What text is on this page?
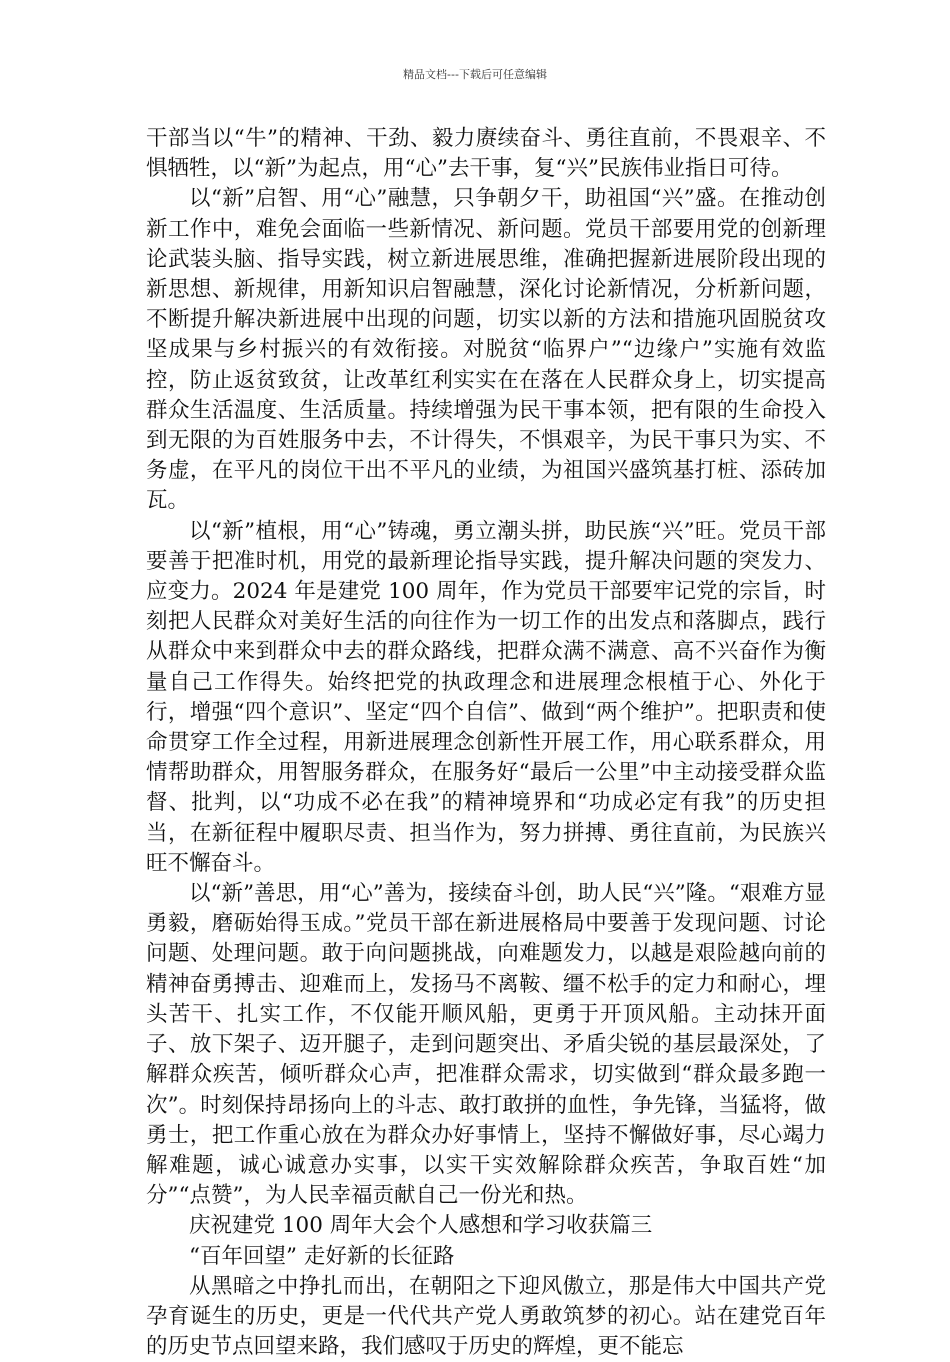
精品文档---下载后可任意编辑

干部当以“牛”的精神、干劲、毅力赓续奋斗、勇往直前，不畏艰辛、不惧牺牲，以“新”为起点，用“心”去干事，复“兴”民族伟业指日可待。

以“新”启智、用“心”融慧，只争朝夕干，助祖国“兴”盛。在推动创新工作中，难免会面临一些新情况、新问题。党员干部要用党的创新理论武装头脑、指导实践，树立新进展思维，准确把握新进展阶段出现的新思想、新规律，用新知识启智融慧，深化讨论新情况，分析新问题，不断提升解决新进展中出现的问题，切实以新的方法和措施巩固脱贫攻坚成果与乡村振兴的有效衔接。对脱贫“临界户”“边缘户”实施有效监控，防止返贫致贫，让改革红利实实在在落在人民群众身上，切实提高群众生活温度、生活质量。持续增强为民干事本领，把有限的生命投入到无限的为百姓服务中去，不计得失，不惧艰辛，为民干事只为实、不务虚，在平凡的岗位干出不平凡的业绩，为祖国兴盛筑基打桩、添砖加瓦。

以“新”植根，用“心”铸魂，勇立潮头拼，助民族“兴”旺。党员干部要善于把准时机，用党的最新理论指导实践，提升解决问题的突发力、应变力。2024 年是建党 100 周年，作为党员干部要牢记党的宗旨，时刻把人民群众对美好生活的向往作为一切工作的出发点和落脚点，践行从群众中来到群众中去的群众路线，把群众满不满意、高不兴奋作为衡量自己工作得失。始终把党的执政理念和进展理念根植于心、外化于行，增强“四个意识”、坚定“四个自信”、做到“两个维护”。把职责和使命贯穿工作全过程，用新进展理念创新性开展工作，用心联系群众，用情帮助群众，用智服务群众，在服务好“最后一公里”中主动接受群众监督、批判，以“功成不必在我”的精神境界和“功成必定有我”的历史担当，在新征程中履职尽责、担当作为，努力拼搏、勇往直前，为民族兴旺不懈奋斗。

以“新”善思，用“心”善为，接续奋斗创，助人民“兴”隆。“艰难方显勇毅，磨砺始得玉成。”党员干部在新进展格局中要善于发现问题、讨论问题、处理问题。敢于向问题挑战，向难题发力，以越是艰险越向前的精神奋勇搏击、迎难而上，发扬马不离鞍、缰不松手的定力和耐心，埋头苦干、扎实工作，不仅能开顺风船，更勇于开顶风船。主动抹开面子、放下架子、迈开腿子，走到问题突出、矛盾尖锐的基层最深处，了解群众疾苦，倾听群众心声，把准群众需求，切实做到“群众最多跑一次”。时刻保持昂扬向上的斗志、敢打敢拼的血性，争先锋，当猛将，做勇士，把工作重心放在为群众办好事情上，坚持不懈做好事，尽心竭力解难题，诚心诚意办实事，以实干实效解除群众疾苦，争取百姓“加分”“点赞”，为人民幸福贡献自己一份光和热。

庆祝建党 100 周年大会个人感想和学习收获篇三

“百年回望” 走好新的长征路

从黑暗之中挣扎而出，在朝阳之下迎风傲立，那是伟大中国共产党孕育诞生的历史，更是一代代共产党人勇敢筑梦的初心。站在建党百年的历史节点回望来路，我们感叹于历史的辉煌，更不能忘
